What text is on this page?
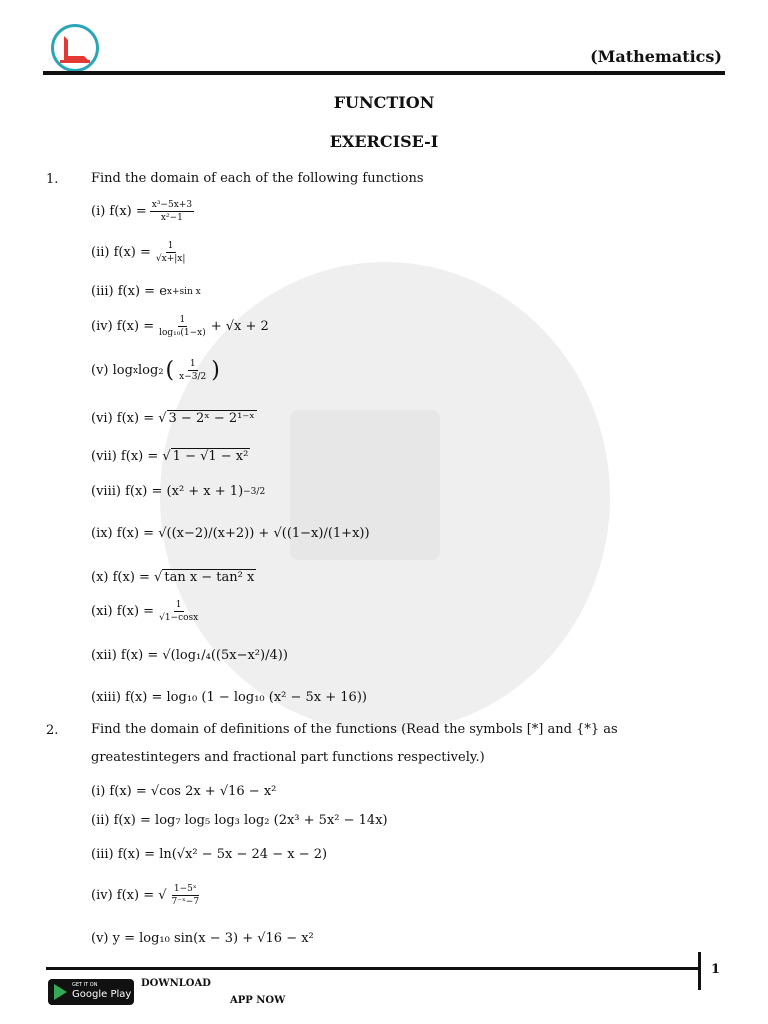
(Mathematics)
FUNCTION
EXERCISE-I
1.	Find the domain of each of the following functions
(i) $f(x) = \frac{\text{x³−5x+3}}{\text{x²−1}}$
(ii) $f(x) = \frac{1}{√x+|x|}$
(iii) f(x) = e x+sin x
(iv) $f(x) = \frac{1}{\text{log₁₀(1−x)}} + √x + 2$
(v) log x log₂ ( $\frac{1}{x-3/2}$ )
(vi) f(x) = √ 3 − 2ˣ − 2¹⁻ˣ
(vii) f(x) = √ 1 − √1 − x²
(viii) f(x) = (x² + x + 1) −3/2
(ix) f(x) =
√((x−2)/(x+2)) + √((1−x)/(1+x))
(x) f(x) = √ tan x − tan² x
(xi) $f(x) = \frac{1}{√1-\cos x}$
(xii) f(x) =
√(log₁/₄((5x−x²)/4))
(xiii) f(x) = log₁₀ (1 − log₁₀ (x² − 5x + 16))
2.	Find the domain of definitions of the functions (Read the symbols [*] and {*} as greatestintegers and fractional part functions respectively.)
(i) f(x) = √cos 2x + √16 − x²
(ii) f(x) = log₇ log₅ log₃ log₂ (2x³ + 5x² − 14x)
(iii) f(x) = ln(√x² − 5x − 24 − x − 2)
(iv) f(x) = √ $\frac{\text{1−5ˣ}}{\text{7⁻ˣ−7}}$
(v) y = log₁₀ sin(x − 3) + √16 − x²
1
GET IT ON
Google Play
DOWNLOAD
APP NOW
